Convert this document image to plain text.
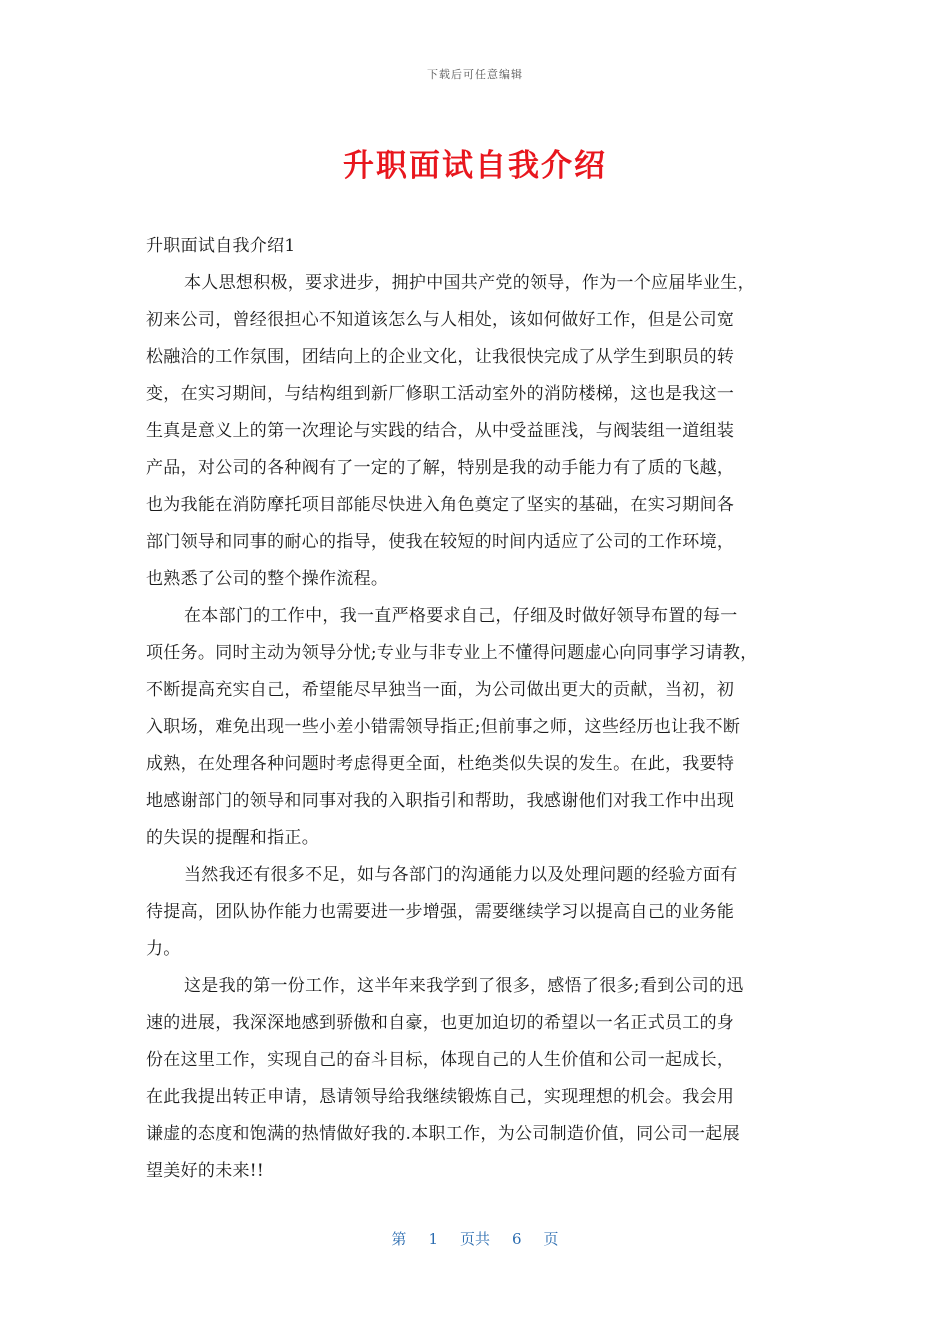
下载后可任意编辑
升职面试自我介绍
升职面试自我介绍1
本人思想积极，要求进步，拥护中国共产党的领导，作为一个应届毕业生，
初来公司，曾经很担心不知道该怎么与人相处，该如何做好工作，但是公司宽
松融洽的工作氛围，团结向上的企业文化，让我很快完成了从学生到职员的转
变，在实习期间，与结构组到新厂修职工活动室外的消防楼梯，这也是我这一
生真是意义上的第一次理论与实践的结合，从中受益匪浅，与阀装组一道组装
产品，对公司的各种阀有了一定的了解，特别是我的动手能力有了质的飞越，
也为我能在消防摩托项目部能尽快进入角色奠定了坚实的基础，在实习期间各
部门领导和同事的耐心的指导，使我在较短的时间内适应了公司的工作环境，
也熟悉了公司的整个操作流程。
在本部门的工作中，我一直严格要求自己，仔细及时做好领导布置的每一
项任务。同时主动为领导分忧;专业与非专业上不懂得问题虚心向同事学习请教，
不断提高充实自己，希望能尽早独当一面，为公司做出更大的贡献，当初，初
入职场，难免出现一些小差小错需领导指正;但前事之师，这些经历也让我不断
成熟，在处理各种问题时考虑得更全面，杜绝类似失误的发生。在此，我要特
地感谢部门的领导和同事对我的入职指引和帮助，我感谢他们对我工作中出现
的失误的提醒和指正。
当然我还有很多不足，如与各部门的沟通能力以及处理问题的经验方面有
待提高，团队协作能力也需要进一步增强，需要继续学习以提高自己的业务能
力。
这是我的第一份工作，这半年来我学到了很多，感悟了很多;看到公司的迅
速的进展，我深深地感到骄傲和自豪，也更加迫切的希望以一名正式员工的身
份在这里工作，实现自己的奋斗目标，体现自己的人生价值和公司一起成长，
在此我提出转正申请，恳请领导给我继续锻炼自己，实现理想的机会。我会用
谦虚的态度和饱满的热情做好我的.本职工作，为公司制造价值，同公司一起展
望美好的未来!!
第 1 页共 6 页
